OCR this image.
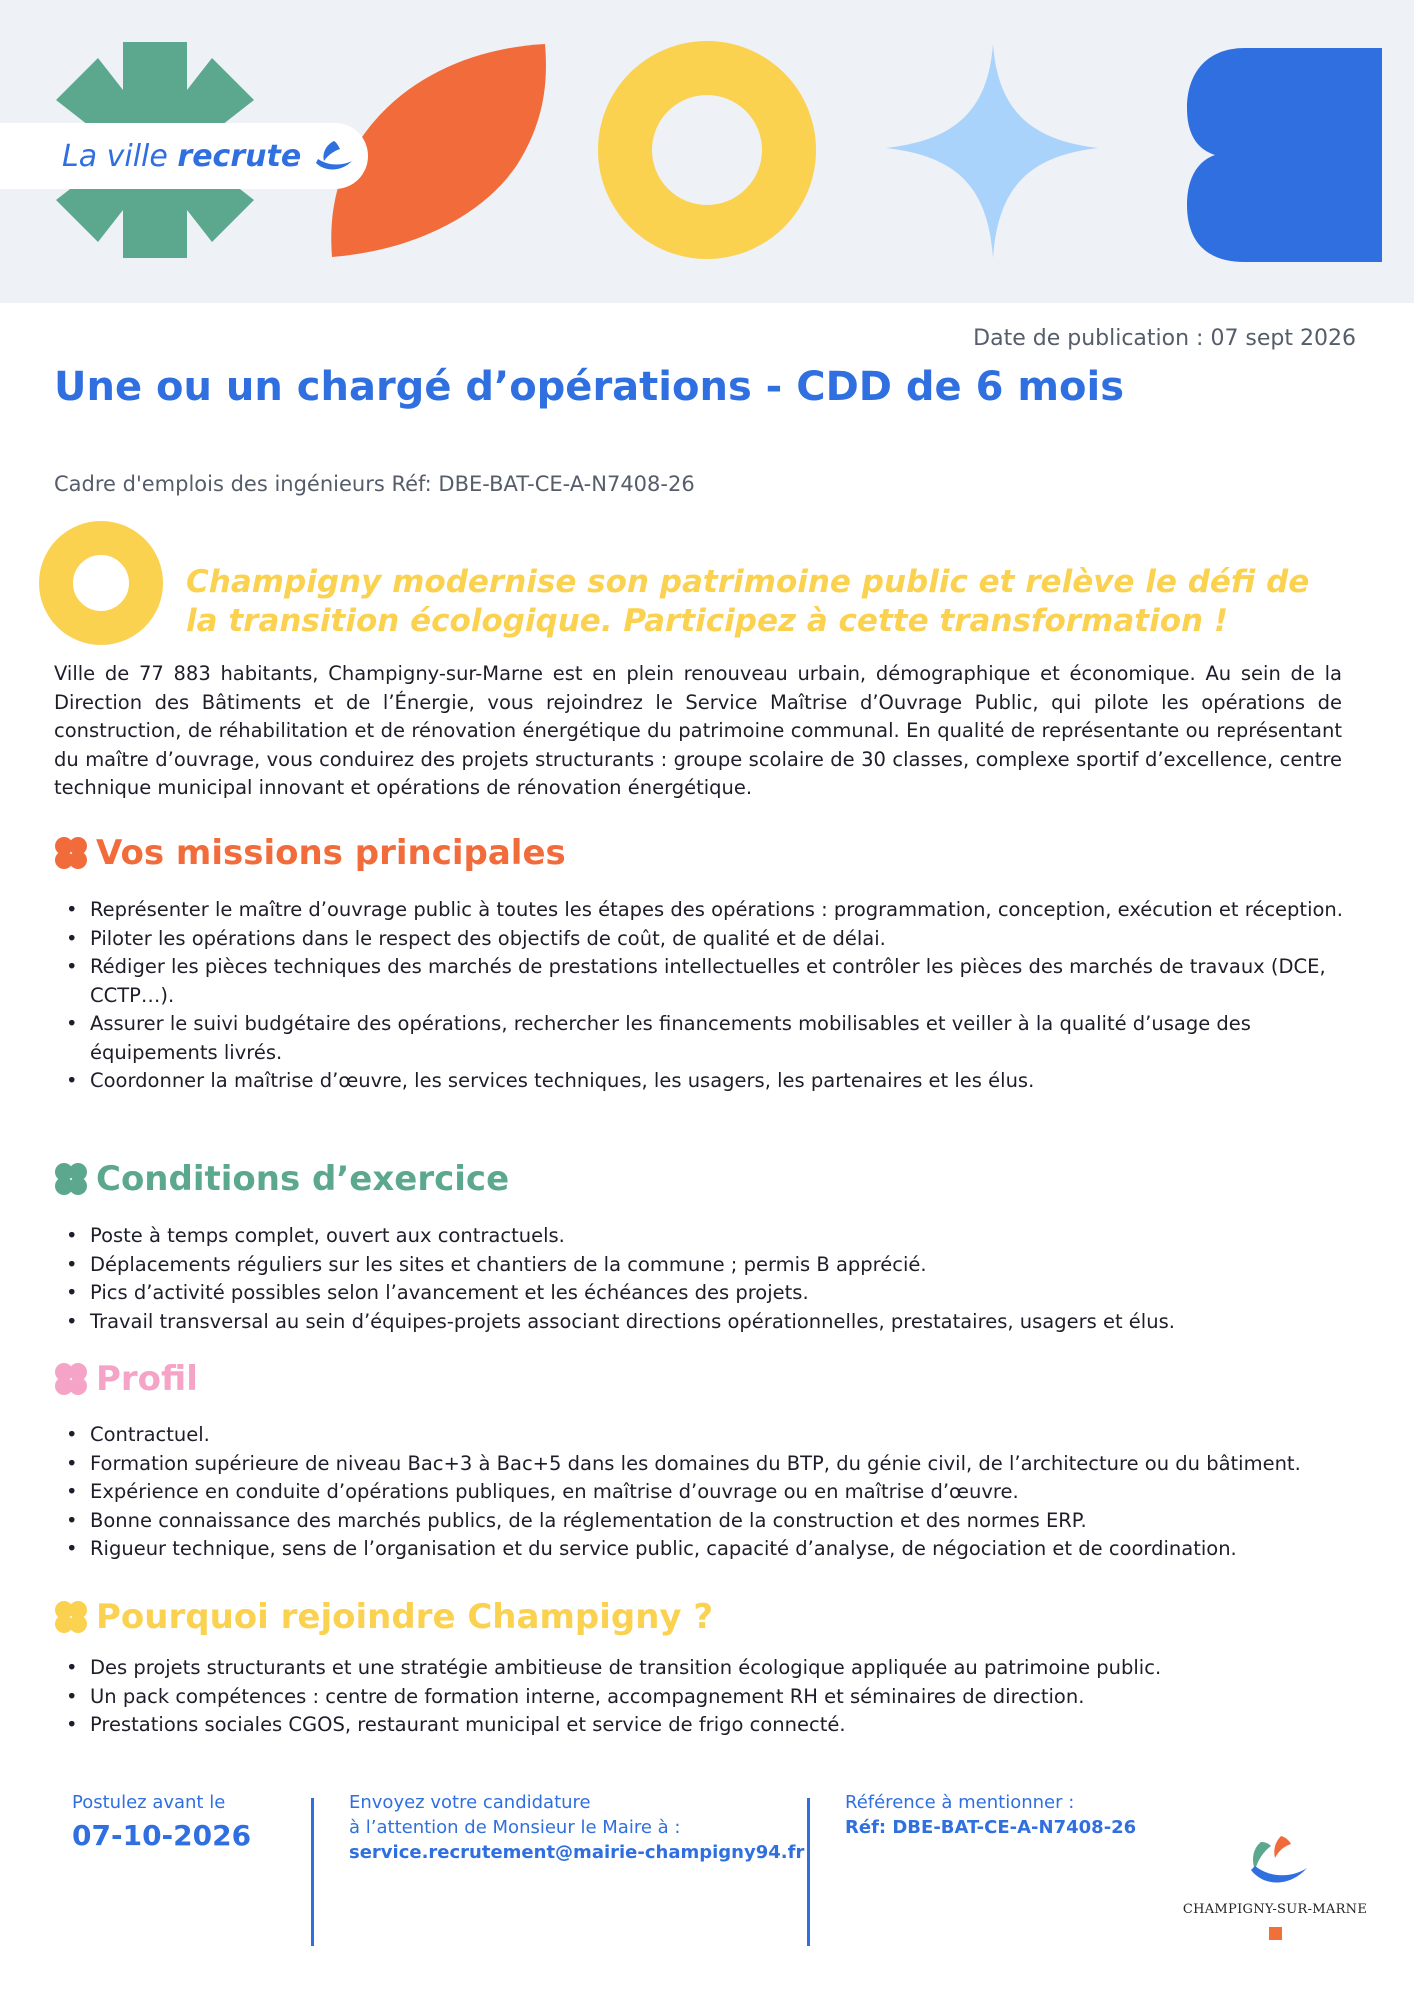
La ville recrute
Date de publication : 07 sept 2026
Une ou un chargé d’opérations - CDD de 6 mois
Cadre d'emplois des ingénieurs Réf: DBE-BAT-CE-A-N7408-26
Champigny modernise son patrimoine public et relève le défi de la transition écologique. Participez à cette transformation !

Ville de 77 883 habitants, Champigny-sur-Marne est en plein renouveau urbain, démographique et économique. Au sein de la Direction des Bâtiments et de l’Énergie, vous rejoindrez le Service Maîtrise d’Ouvrage Public, qui pilote les opérations de construction, de réhabilitation et de rénovation énergétique du patrimoine communal. En qualité de représentante ou représentant du maître d’ouvrage, vous conduirez des projets structurants : groupe scolaire de 30 classes, complexe sportif d’excellence, centre technique municipal innovant et opérations de rénovation énergétique.

Vos missions principales
• Représenter le maître d’ouvrage public à toutes les étapes des opérations : programmation, conception, exécution et réception.
• Piloter les opérations dans le respect des objectifs de coût, de qualité et de délai.
• Rédiger les pièces techniques des marchés de prestations intellectuelles et contrôler les pièces des marchés de travaux (DCE, CCTP…).
• Assurer le suivi budgétaire des opérations, rechercher les financements mobilisables et veiller à la qualité d’usage des équipements livrés.
• Coordonner la maîtrise d’œuvre, les services techniques, les usagers, les partenaires et les élus.
Conditions d’exercice
• Poste à temps complet, ouvert aux contractuels.
• Déplacements réguliers sur les sites et chantiers de la commune ; permis B apprécié.
• Pics d’activité possibles selon l’avancement et les échéances des projets.
• Travail transversal au sein d’équipes-projets associant directions opérationnelles, prestataires, usagers et élus.
Profil
• Contractuel.
• Formation supérieure de niveau Bac+3 à Bac+5 dans les domaines du BTP, du génie civil, de l’architecture ou du bâtiment.
• Expérience en conduite d’opérations publiques, en maîtrise d’ouvrage ou en maîtrise d’œuvre.
• Bonne connaissance des marchés publics, de la réglementation de la construction et des normes ERP.
• Rigueur technique, sens de l’organisation et du service public, capacité d’analyse, de négociation et de coordination.
Pourquoi rejoindre Champigny ?
• Des projets structurants et une stratégie ambitieuse de transition écologique appliquée au patrimoine public.
• Un pack compétences : centre de formation interne, accompagnement RH et séminaires de direction.
• Prestations sociales CGOS, restaurant municipal et service de frigo connecté.
Postulez avant le
07-10-2026
Envoyez votre candidature
à l’attention de Monsieur le Maire à :
service.recrutement@mairie-champigny94.fr
Référence à mentionner :
Réf: DBE-BAT-CE-A-N7408-26
CHAMPIGNY-SUR-MARNE
